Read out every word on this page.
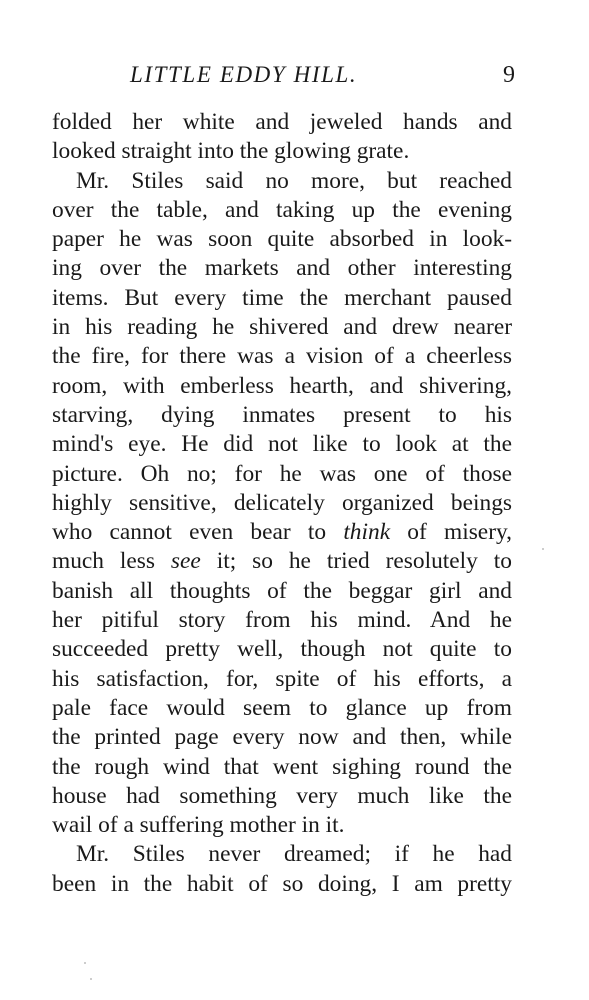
LITTLE EDDY HILL.	9
folded her white and jeweled hands and
looked straight into the glowing grate.
Mr. Stiles said no more, but reached
over the table, and taking up the evening
paper he was soon quite absorbed in look-
ing over the markets and other interesting
items. But every time the merchant paused
in his reading he shivered and drew nearer
the fire, for there was a vision of a cheerless
room, with emberless hearth, and shivering,
starving, dying inmates present to his
mind's eye. He did not like to look at the
picture. Oh no; for he was one of those
highly sensitive, delicately organized beings
who cannot even bear to think of misery,
much less see it; so he tried resolutely to
banish all thoughts of the beggar girl and
her pitiful story from his mind. And he
succeeded pretty well, though not quite to
his satisfaction, for, spite of his efforts, a
pale face would seem to glance up from
the printed page every now and then, while
the rough wind that went sighing round the
house had something very much like the
wail of a suffering mother in it.
Mr. Stiles never dreamed; if he had
been in the habit of so doing, I am pretty
